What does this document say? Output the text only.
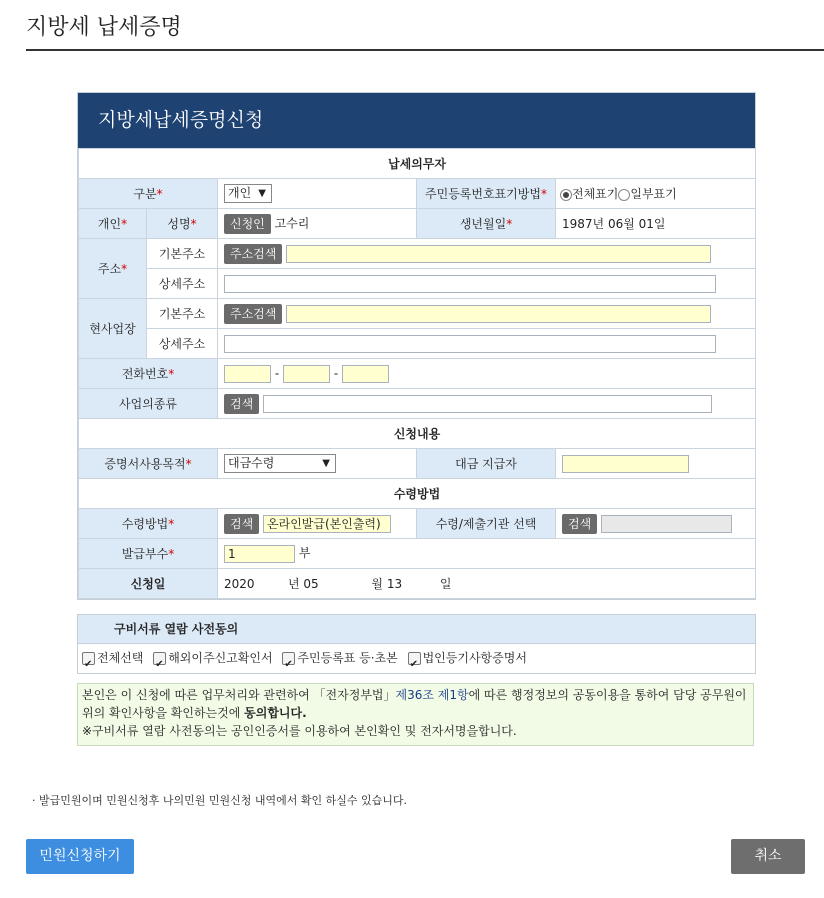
지방세 납세증명
지방세납세증명신청
납세의무자				
구분*		개인 ▼	주민등록번호표기방법*	전체표기 일부표기
개인*	성명*	신청인 고수리	생년월일*	1987년 06월 01일
주소*	기본주소	주소검색		
	상세주소			
현사업장	기본주소	주소검색		
	상세주소			
전화번호*		- -		
사업의종류		검색		
신청내용				
증명서사용목적*		대금수령 ▼	대금 지급자	
수령방법				
수령방법*		검색 온라인발급(본인출력)	수령/제출기관 선택	검색
발급부수*		1 부		
신청일		2020 년 05 월 13 일		
구비서류 열람 사전동의
✔전체선택 ✔ 해외이주신고확인서 ✔ 주민등록표 등·초본 ✔ 법인등기사항증명서
본인은 이 신청에 따른 업무처리와 관련하여 「전자정부법」제36조 제1항에 따른 행정정보의 공동이용을 통하여 담당 공무원이 위의 확인사항을 확인하는것에 동의합니다.
※구비서류 열람 사전동의는 공인인증서를 이용하여 본인확인 및 전자서명을합니다.
· 발급민원이며 민원신청후 나의민원 민원신청 내역에서 확인 하실수 있습니다.
민원신청하기	취소
